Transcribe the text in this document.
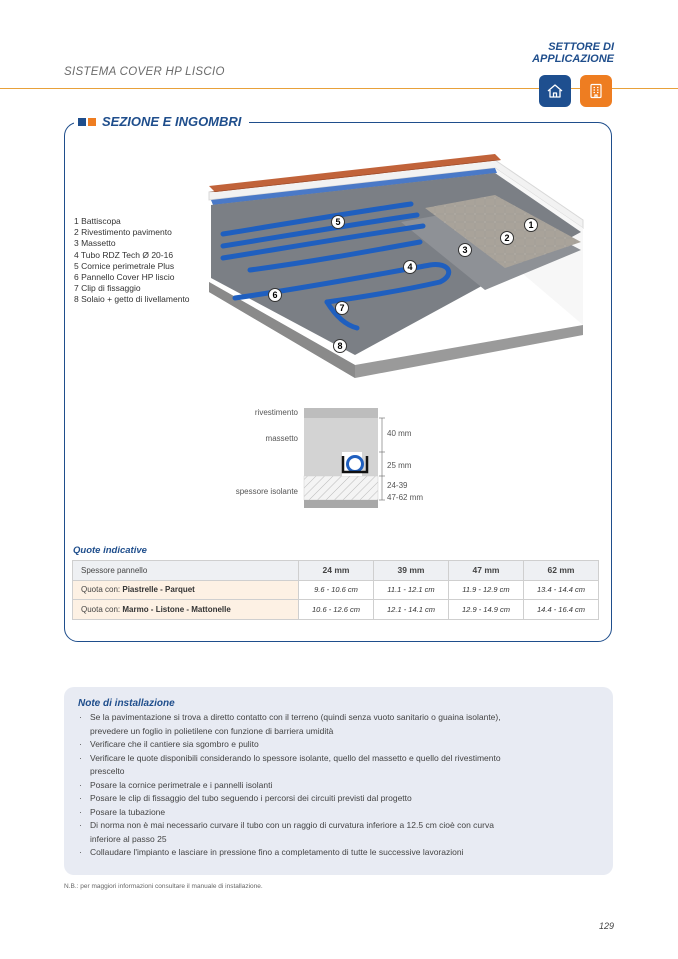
SISTEMA COVER HP LISCIO
SETTORE DI
APPLICAZIONE
SEZIONE E INGOMBRI
1 Battiscopa
2 Rivestimento pavimento
3 Massetto
4 Tubo RDZ Tech Ø 20-16
5 Cornice perimetrale Plus
6 Pannello Cover HP liscio
7 Clip di fissaggio
8 Solaio + getto di livellamento
1
2
3
4
5
6
7
8
rivestimento
massetto
spessore isolante
40 mm
25 mm
24-39
47-62 mm
Quote indicative
Spessore pannello	24 mm	39 mm	47 mm	62 mm
Quota con: Piastrelle - Parquet	9.6 - 10.6 cm	11.1 - 12.1 cm	11.9 - 12.9 cm	13.4 - 14.4 cm
Quota con: Marmo - Listone - Mattonelle	10.6 - 12.6 cm	12.1 - 14.1 cm	12.9 - 14.9 cm	14.4 - 16.4 cm
Note di installazione
· Se la pavimentazione si trova a diretto contatto con il terreno (quindi senza vuoto sanitario o guaina isolante),
prevedere un foglio in polietilene con funzione di barriera umidità
· Verificare che il cantiere sia sgombro e pulito
· Verificare le quote disponibili considerando lo spessore isolante, quello del massetto e quello del rivestimento
prescelto
· Posare la cornice perimetrale e i pannelli isolanti
· Posare le clip di fissaggio del tubo seguendo i percorsi dei circuiti previsti dal progetto
· Posare la tubazione
· Di norma non è mai necessario curvare il tubo con un raggio di curvatura inferiore a 12.5 cm cioè con curva
inferiore al passo 25
· Collaudare l'impianto e lasciare in pressione fino a completamento di tutte le successive lavorazioni
N.B.: per maggiori informazioni consultare il manuale di installazione.
129
